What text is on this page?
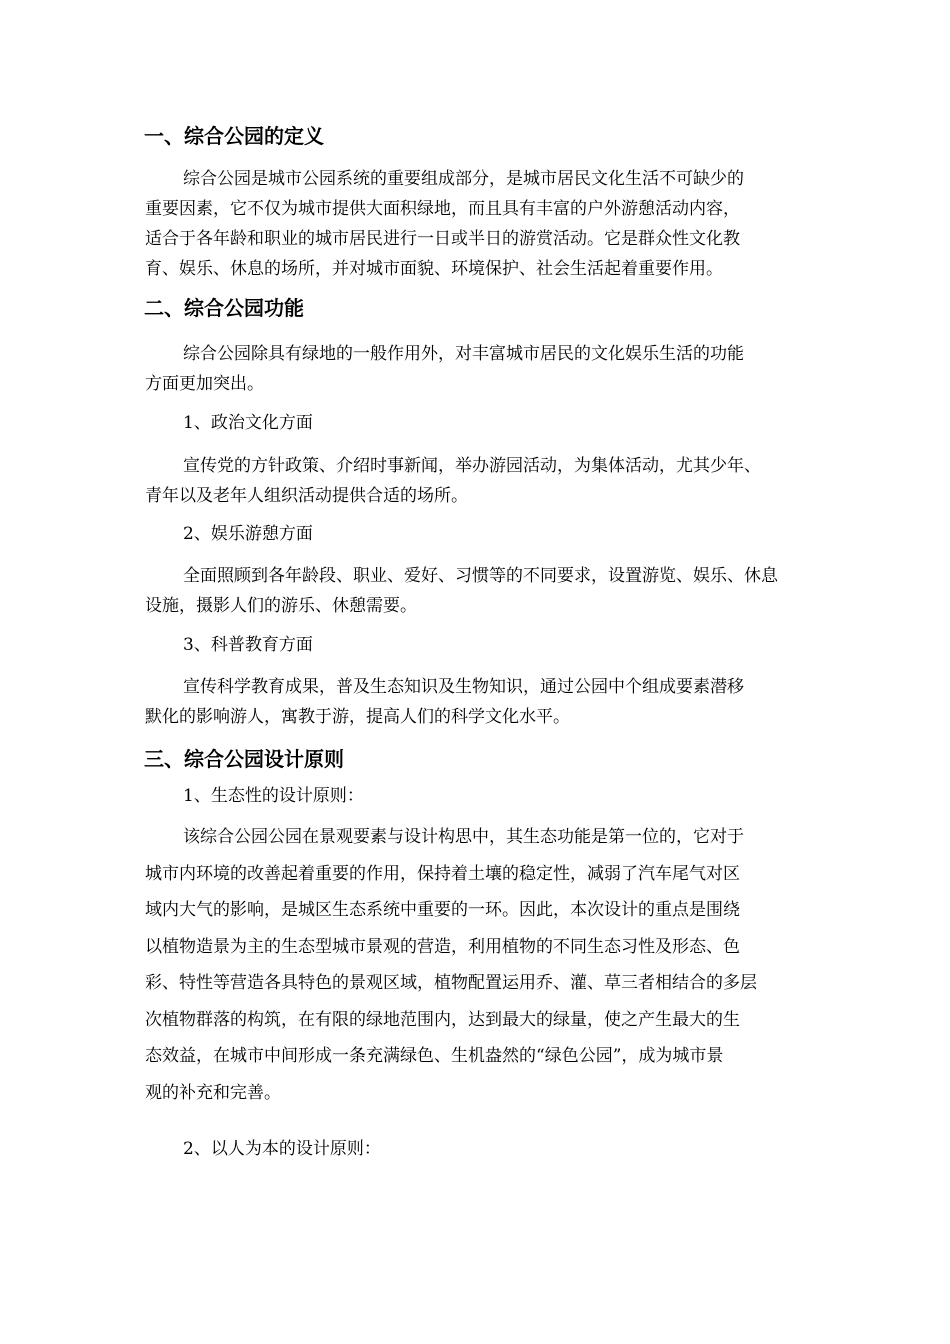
一、综合公园的定义
综合公园是城市公园系统的重要组成部分，是城市居民文化生活不可缺少的
重要因素，它不仅为城市提供大面积绿地，而且具有丰富的户外游憩活动内容，
适合于各年龄和职业的城市居民进行一日或半日的游赏活动。它是群众性文化教
育、娱乐、休息的场所，并对城市面貌、环境保护、社会生活起着重要作用。
二、综合公园功能
综合公园除具有绿地的一般作用外，对丰富城市居民的文化娱乐生活的功能
方面更加突出。
1、政治文化方面
宣传党的方针政策、介绍时事新闻，举办游园活动，为集体活动，尤其少年、
青年以及老年人组织活动提供合适的场所。
2、娱乐游憩方面
全面照顾到各年龄段、职业、爱好、习惯等的不同要求，设置游览、娱乐、休息
设施，摄影人们的游乐、休憩需要。
3、科普教育方面
宣传科学教育成果，普及生态知识及生物知识，通过公园中个组成要素潜移
默化的影响游人，寓教于游，提高人们的科学文化水平。
三、综合公园设计原则
1、生态性的设计原则：
该综合公园公园在景观要素与设计构思中，其生态功能是第一位的，它对于
城市内环境的改善起着重要的作用，保持着土壤的稳定性，减弱了汽车尾气对区
域内大气的影响，是城区生态系统中重要的一环。因此，本次设计的重点是围绕
以植物造景为主的生态型城市景观的营造，利用植物的不同生态习性及形态、色
彩、特性等营造各具特色的景观区域，植物配置运用乔、灌、草三者相结合的多层
次植物群落的构筑，在有限的绿地范围内，达到最大的绿量，使之产生最大的生
态效益，在城市中间形成一条充满绿色、生机盎然的“绿色公园”，成为城市景
观的补充和完善。
2、以人为本的设计原则：
